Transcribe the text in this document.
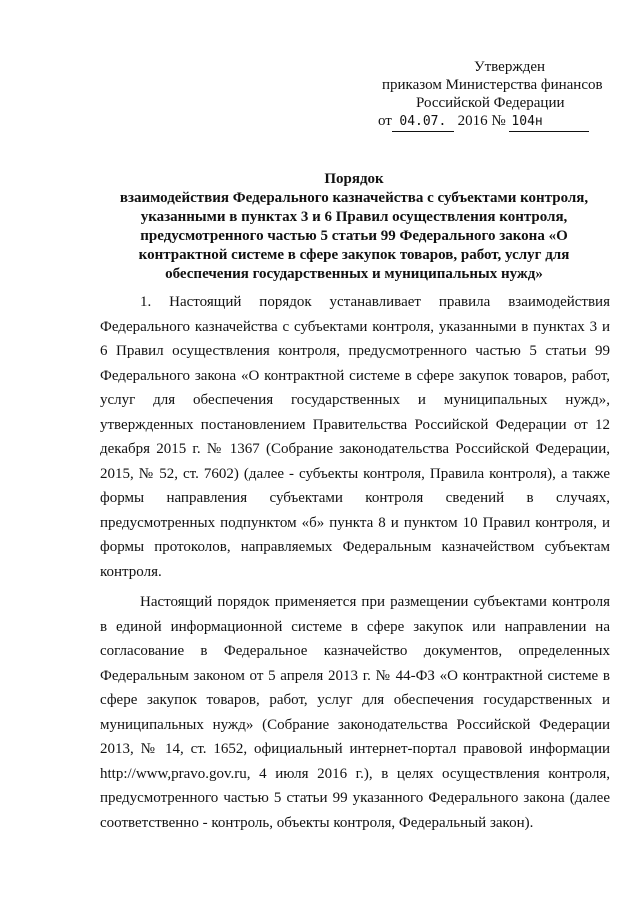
Утвержден
приказом Министерства финансов
Российской Федерации
от 04.07. 2016 № 104н
Порядок
взаимодействия Федерального казначейства с субъектами контроля, указанными в пунктах 3 и 6 Правил осуществления контроля, предусмотренного частью 5 статьи 99 Федерального закона «О контрактной системе в сфере закупок товаров, работ, услуг для обеспечения государственных и муниципальных нужд»

1. Настоящий порядок устанавливает правила взаимодействия Федерального казначейства с субъектами контроля, указанными в пунктах 3 и 6 Правил осуществления контроля, предусмотренного частью 5 статьи 99 Федерального закона «О контрактной системе в сфере закупок товаров, работ, услуг для обеспечения государственных и муниципальных нужд», утвержденных постановлением Правительства Российской Федерации от 12 декабря 2015 г. № 1367 (Собрание законодательства Российской Федерации, 2015, № 52, ст. 7602) (далее - субъекты контроля, Правила контроля), а также формы направления субъектами контроля сведений в случаях, предусмотренных подпунктом «б» пункта 8 и пунктом 10 Правил контроля, и формы протоколов, направляемых Федеральным казначейством субъектам контроля.

Настоящий порядок применяется при размещении субъектами контроля в единой информационной системе в сфере закупок или направлении на согласование в Федеральное казначейство документов, определенных Федеральным законом от 5 апреля 2013 г. № 44-ФЗ «О контрактной системе в сфере закупок товаров, работ, услуг для обеспечения государственных и муниципальных нужд» (Собрание законодательства Российской Федерации 2013, № 14, ст. 1652, официальный интернет-портал правовой информации http://www,pravo.gov.ru, 4 июля 2016 г.), в целях осуществления контроля, предусмотренного частью 5 статьи 99 указанного Федерального закона (далее соответственно - контроль, объекты контроля, Федеральный закон).
